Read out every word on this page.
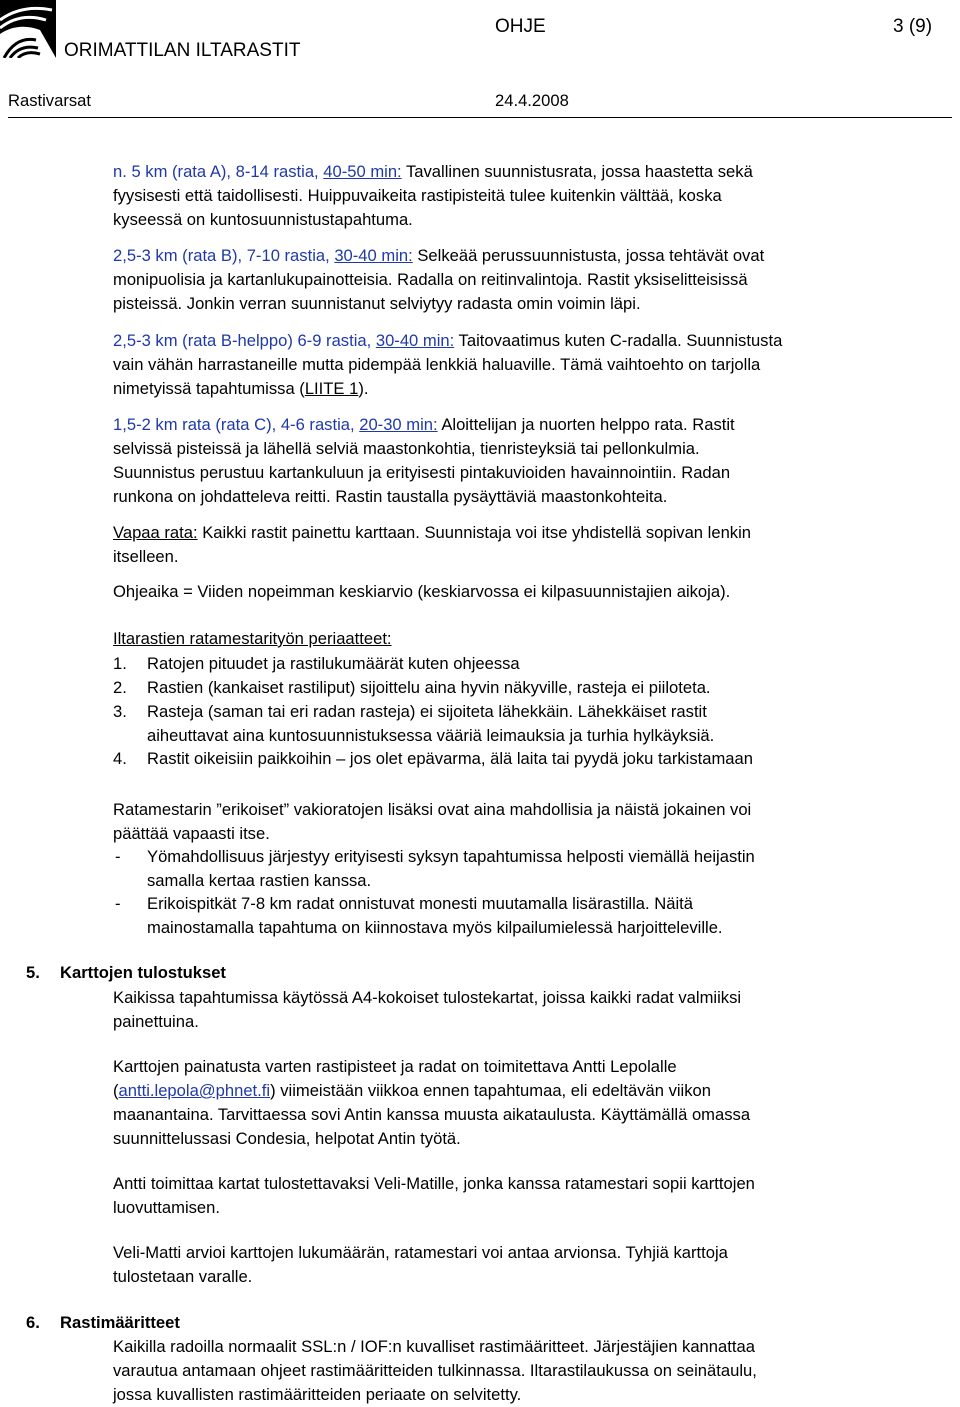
ORIMATTILAN ILTARASTIT
OHJE	3 (9)
Rastivarsat	24.4.2008
n. 5 km (rata A), 8-14 rastia, 40-50 min: Tavallinen suunnistusrata, jossa haastetta sekä
fyysisesti että taidollisesti. Huippuvaikeita rastipisteitä tulee kuitenkin välttää, koska
kyseessä on kuntosuunnistustapahtuma.
2,5-3 km (rata B), 7-10 rastia, 30-40 min: Selkeää perussuunnistusta, jossa tehtävät ovat
monipuolisia ja kartanlukupainotteisia. Radalla on reitinvalintoja. Rastit yksiselitteisissä
pisteissä. Jonkin verran suunnistanut selviytyy radasta omin voimin läpi.
2,5-3 km (rata B-helppo) 6-9 rastia, 30-40 min: Taitovaatimus kuten C-radalla. Suunnistusta
vain vähän harrastaneille mutta pidempää lenkkiä haluaville. Tämä vaihtoehto on tarjolla
nimetyissä tapahtumissa (LIITE 1).
1,5-2 km rata (rata C), 4-6 rastia, 20-30 min: Aloittelijan ja nuorten helppo rata. Rastit
selvissä pisteissä ja lähellä selviä maastonkohtia, tienristeyksiä tai pellonkulmia.
Suunnistus perustuu kartankuluun ja erityisesti pintakuvioiden havainnointiin. Radan
runkona on johdatteleva reitti. Rastin taustalla pysäyttäviä maastonkohteita.
Vapaa rata: Kaikki rastit painettu karttaan. Suunnistaja voi itse yhdistellä sopivan lenkin
itselleen.
Ohjeaika = Viiden nopeimman keskiarvio (keskiarvossa ei kilpasuunnistajien aikoja).
Iltarastien ratamestarityön periaatteet:
1. Ratojen pituudet ja rastilukumäärät kuten ohjeessa
2. Rastien (kankaiset rastiliput) sijoittelu aina hyvin näkyville, rasteja ei piiloteta.
3. Rasteja (saman tai eri radan rasteja) ei sijoiteta lähekkäin. Lähekkäiset rastit
aiheuttavat aina kuntosuunnistuksessa vääriä leimauksia ja turhia hylkäyksiä.
4. Rastit oikeisiin paikkoihin – jos olet epävarma, älä laita tai pyydä joku tarkistamaan
Ratamestarin ”erikoiset” vakioratojen lisäksi ovat aina mahdollisia ja näistä jokainen voi
päättää vapaasti itse.
- Yömahdollisuus järjestyy erityisesti syksyn tapahtumissa helposti viemällä heijastin
samalla kertaa rastien kanssa.
- Erikoispitkät 7-8 km radat onnistuvat monesti muutamalla lisärastilla. Näitä
mainostamalla tapahtuma on kiinnostava myös kilpailumielessä harjoitteleville.
5. Karttojen tulostukset
Kaikissa tapahtumissa käytössä A4-kokoiset tulostekartat, joissa kaikki radat valmiiksi
painettuina.
Karttojen painatusta varten rastipisteet ja radat on toimitettava Antti Lepolalle
(antti.lepola@phnet.fi) viimeistään viikkoa ennen tapahtumaa, eli edeltävän viikon
maanantaina. Tarvittaessa sovi Antin kanssa muusta aikataulusta. Käyttämällä omassa
suunnittelussasi Condesia, helpotat Antin työtä.
Antti toimittaa kartat tulostettavaksi Veli-Matille, jonka kanssa ratamestari sopii karttojen
luovuttamisen.
Veli-Matti arvioi karttojen lukumäärän, ratamestari voi antaa arvionsa. Tyhjiä karttoja
tulostetaan varalle.
6. Rastimääritteet
Kaikilla radoilla normaalit SSL:n / IOF:n kuvalliset rastimääritteet. Järjestäjien kannattaa
varautua antamaan ohjeet rastimääritteiden tulkinnassa. Iltarastilaukussa on seinätaulu,
jossa kuvallisten rastimääritteiden periaate on selvitetty.
